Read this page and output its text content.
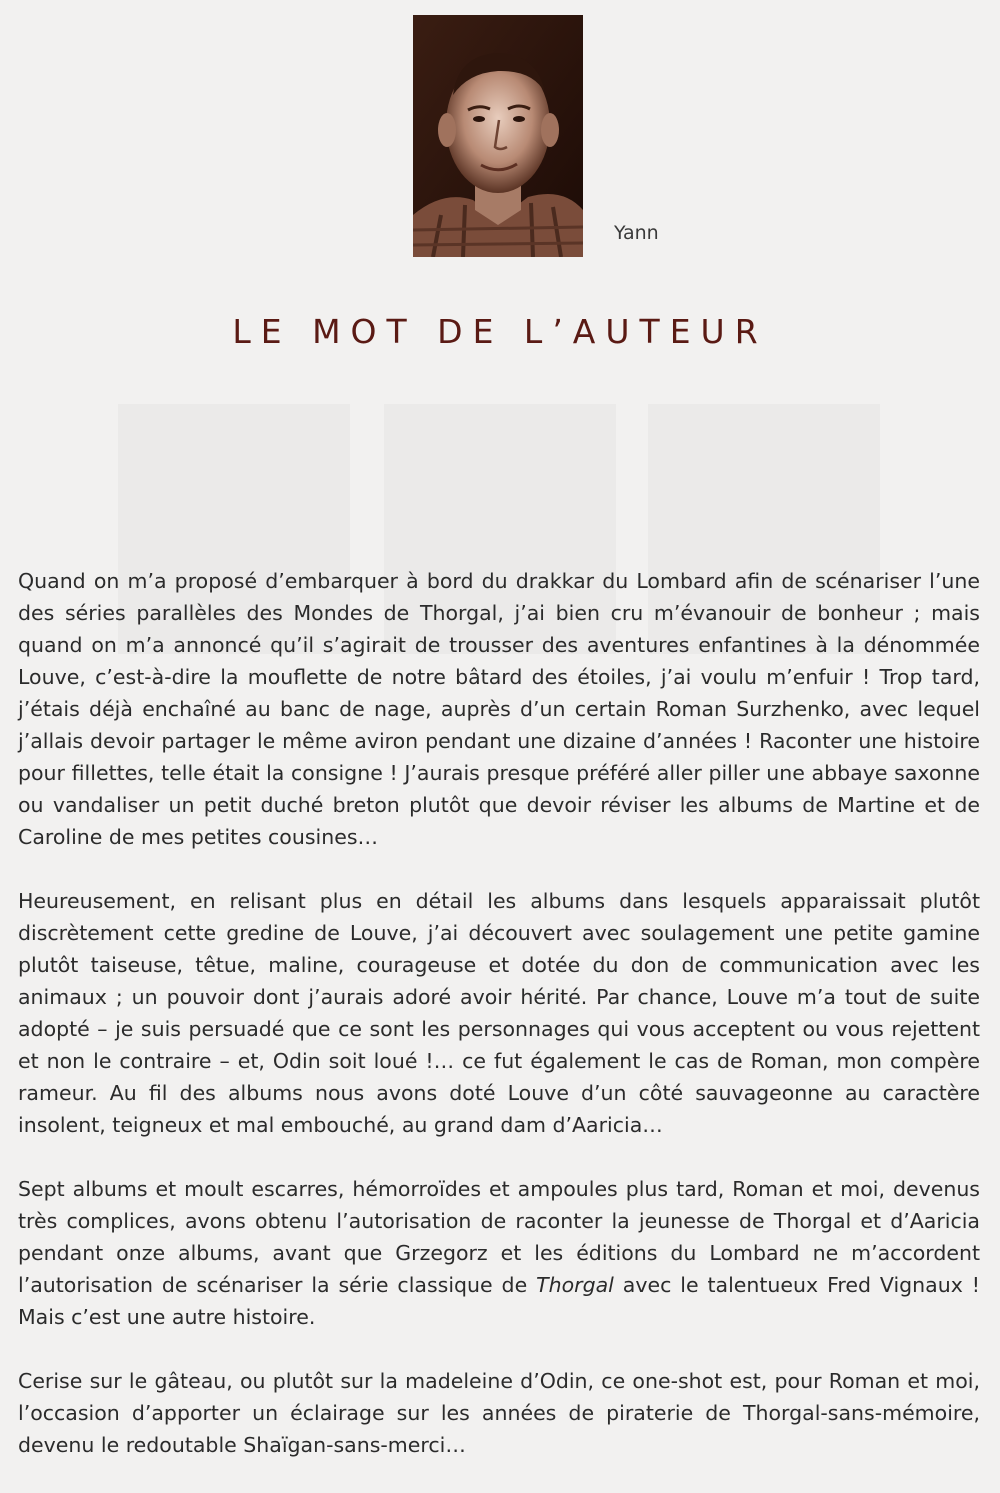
Yann
LE MOT DE L’AUTEUR

Quand on m’a proposé d’embarquer à bord du drakkar du Lombard afin de scénariser l’une des séries parallèles des Mondes de Thorgal, j’ai bien cru m’évanouir de bonheur ; mais quand on m’a annoncé qu’il s’agirait de trousser des aventures enfantines à la dénommée Louve, c’est-à-dire la mouflette de notre bâtard des étoiles, j’ai voulu m’enfuir ! Trop tard, j’étais déjà enchaîné au banc de nage, auprès d’un certain Roman Surzhenko, avec lequel j’allais devoir partager le même aviron pendant une dizaine d’années ! Raconter une histoire pour fillettes, telle était la consigne ! J’aurais presque préféré aller piller une abbaye saxonne ou vandaliser un petit duché breton plutôt que devoir réviser les albums de Martine et de Caroline de mes petites cousines…

Heureusement, en relisant plus en détail les albums dans lesquels apparaissait plutôt discrètement cette gredine de Louve, j’ai découvert avec soulagement une petite gamine plutôt taiseuse, têtue, maline, courageuse et dotée du don de communication avec les animaux ; un pouvoir dont j’aurais adoré avoir hérité. Par chance, Louve m’a tout de suite adopté – je suis persuadé que ce sont les personnages qui vous acceptent ou vous rejettent et non le contraire – et, Odin soit loué !… ce fut également le cas de Roman, mon compère rameur. Au fil des albums nous avons doté Louve d’un côté sauvageonne au caractère insolent, teigneux et mal embouché, au grand dam d’Aaricia…

Sept albums et moult escarres, hémorroïdes et ampoules plus tard, Roman et moi, devenus très complices, avons obtenu l’autorisation de raconter la jeunesse de Thorgal et d’Aaricia pendant onze albums, avant que Grzegorz et les éditions du Lombard ne m’accordent l’autorisation de scénariser la série classique de Thorgal avec le talentueux Fred Vignaux ! Mais c’est une autre histoire.

Cerise sur le gâteau, ou plutôt sur la madeleine d’Odin, ce one-shot est, pour Roman et moi, l’occasion d’apporter un éclairage sur les années de piraterie de Thorgal-sans-mémoire, devenu le redoutable Shaïgan-sans-merci…
